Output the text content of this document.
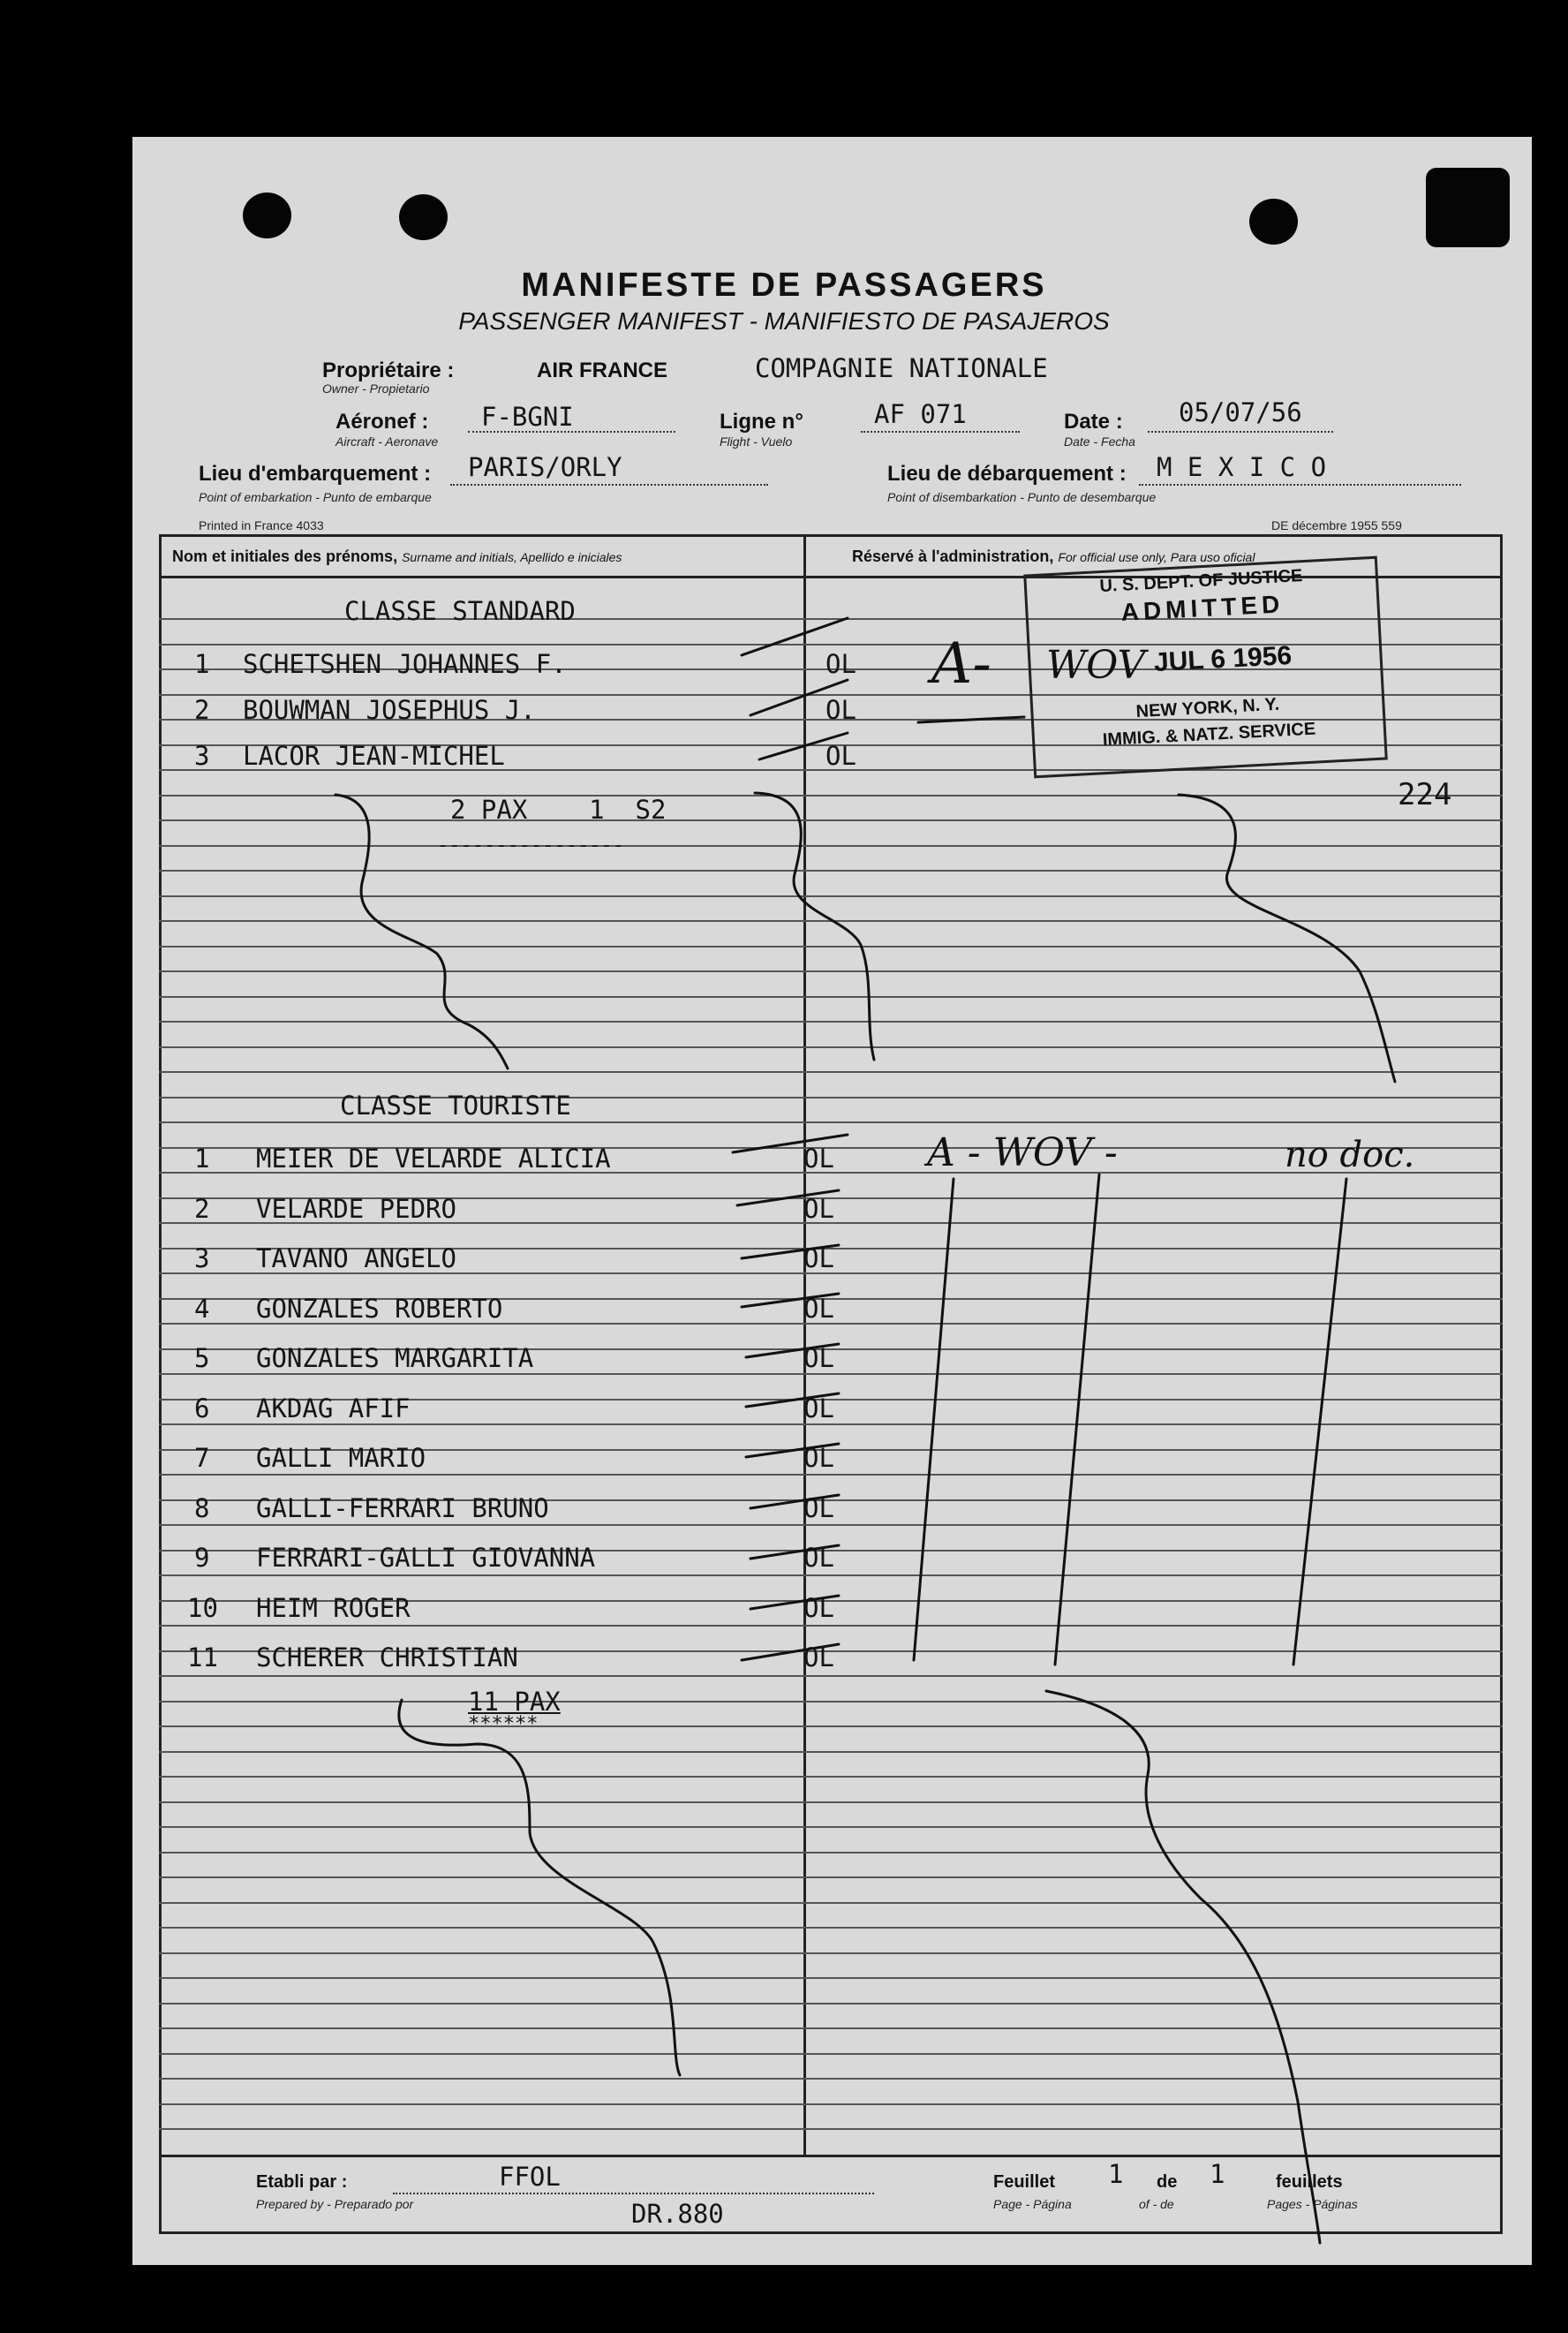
MANIFESTE DE PASSAGERS
PASSENGER MANIFEST - MANIFIESTO DE PASAJEROS
Propriétaire :
Owner - Propietario
AIR FRANCE	COMPAGNIE NATIONALE
Aéronef :
Aircraft - Aeronave
F-BGNI	Ligne n°
Flight - Vuelo
AF 071	Date :
Date - Fecha
05/07/56
Lieu d'embarquement :
Point of embarkation - Punto de embarque
PARIS/ORLY	Lieu de débarquement :
Point of disembarkation - Punto de desembarque
M E X I C O
Printed in France 4033	DE décembre 1955 559
Nom et initiales des prénoms, Surname and initials, Apellido e iniciales	Réservé à l'administration, For official use only, Para uso oficial
CLASSE STANDARD
1 SCHETSHEN JOHANNES F.	OL
2 BOUWMAN JOSEPHUS J.	OL
3 LACOR JEAN-MICHEL	OL
2 PAX    1  S2
----------------
CLASSE TOURISTE
1 MEIER DE VELARDE ALICIA	OL
2 VELARDE PEDRO	OL
3 TAVANO ANGELO	OL
4 GONZALES ROBERTO	OL
5 GONZALES MARGARITA	OL
6 AKDAG AFIF	OL
7 GALLI MARIO	OL
8 GALLI-FERRARI BRUNO	OL
9 FERRARI-GALLI GIOVANNA	OL
10 HEIM ROGER	OL
11 SCHERER CHRISTIAN	OL
11 PAX
******
U. S. DEPT. OF JUSTICE
ADMITTED
JUL 6 1956
NEW YORK, N. Y.
IMMIG. & NATZ. SERVICE
A- WOV
224
A - WOV -	no doc.
Etabli par :
Prepared by - Preparado por
FFOL
DR.880
Feuillet
Page - Página
1 de
of - de
1	feuillets
Pages - Páginas
